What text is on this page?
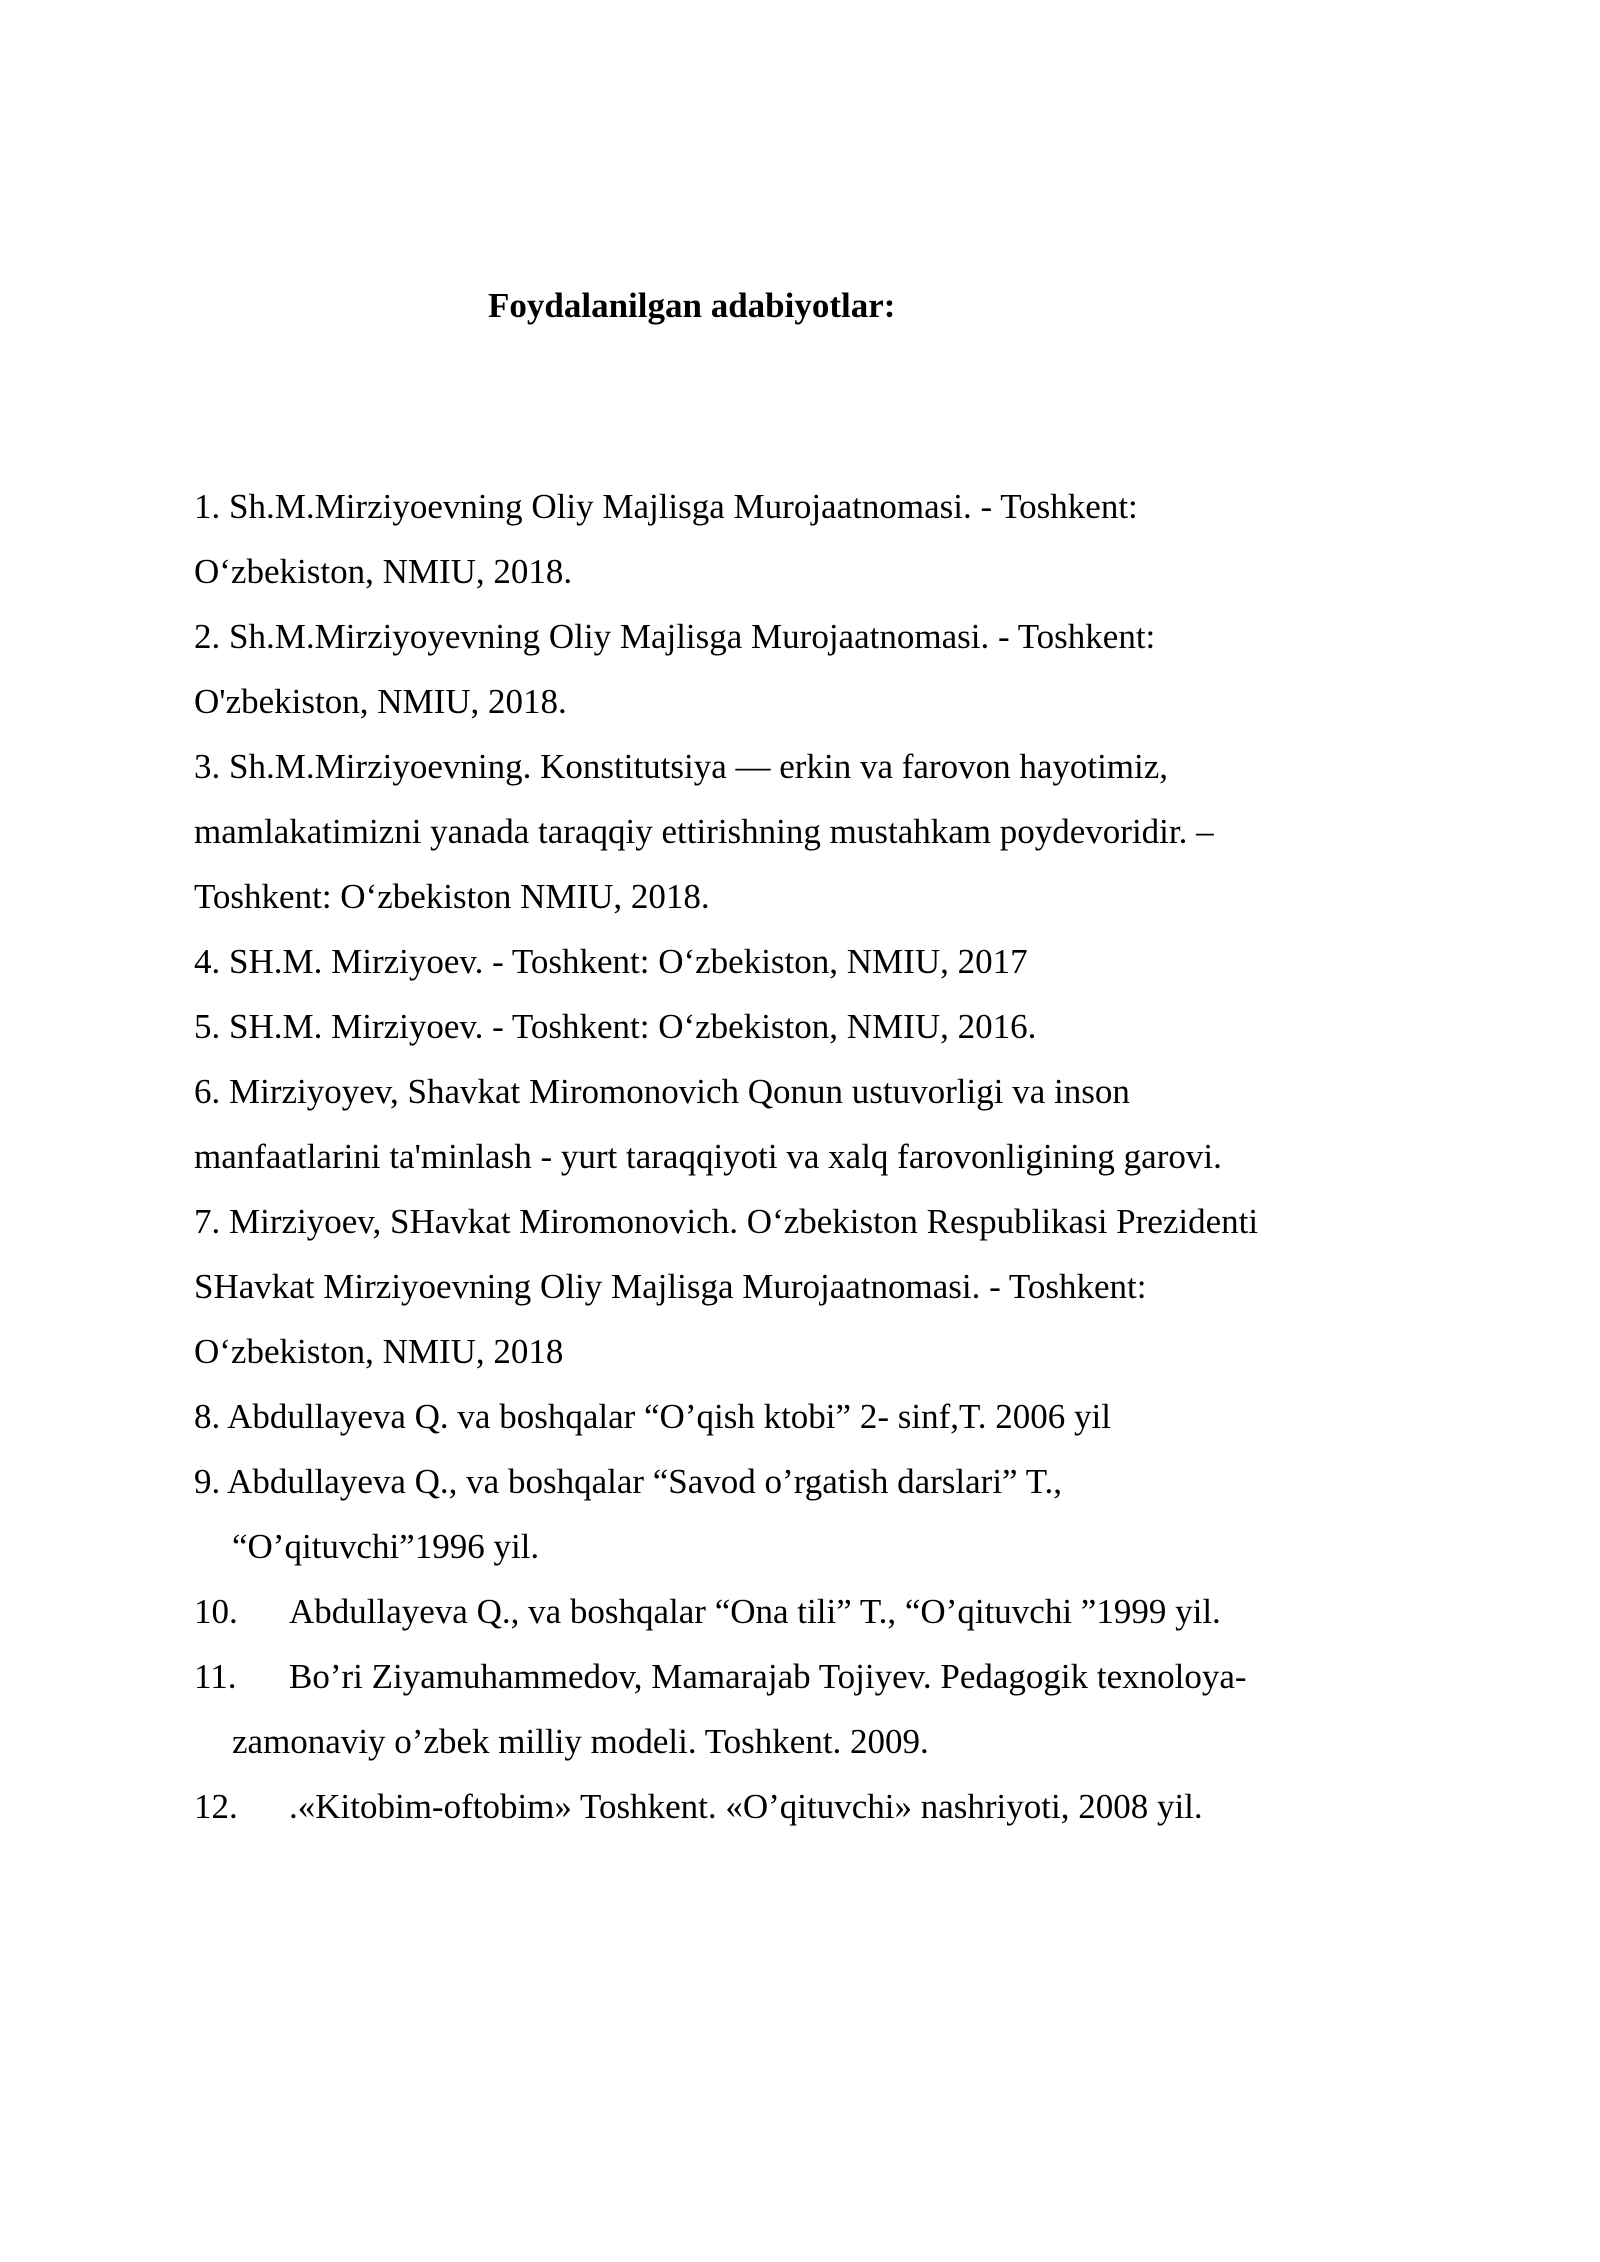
Foydalanilgan adabiyotlar:
1. Sh.M.Mirziyoevning Oliy Majlisga Murojaatnomasi. - Toshkent:
O‘zbekiston, NMIU, 2018.
2. Sh.M.Mirziyoyevning Oliy Majlisga Murojaatnomasi. - Toshkent:
O'zbekiston, NMIU, 2018.
3. Sh.M.Mirziyoevning. Konstitutsiya — erkin va farovon hayotimiz,
mamlakatimizni yanada taraqqiy ettirishning mustahkam poydevoridir. –
Toshkent: O‘zbekiston NMIU, 2018.
4. SH.M. Mirziyoev. - Toshkent: O‘zbekiston, NMIU, 2017
5. SH.M. Mirziyoev. - Toshkent: O‘zbekiston, NMIU, 2016.
6. Mirziyoyev, Shavkat Miromonovich Qonun ustuvorligi va inson
manfaatlarini ta'minlash - yurt taraqqiyoti va xalq farovonligining garovi.
7. Mirziyoev, SHavkat Miromonovich. O‘zbekiston Respublikasi Prezidenti
SHavkat Mirziyoevning Oliy Majlisga Murojaatnomasi. - Toshkent:
O‘zbekiston, NMIU, 2018
8. Abdullayeva Q. va boshqalar “O’qish ktobi” 2- sinf,T. 2006 yil
9. Abdullayeva Q., va boshqalar “Savod o’rgatish darslari” T.,
“O’qituvchi”1996 yil.
10. Abdullayeva Q., va boshqalar “Ona tili” T., “O’qituvchi ”1999 yil.
11. Bo’ri Ziyamuhammedov, Mamarajab Tojiyev. Pedagogik texnoloya-
zamonaviy o’zbek milliy modeli. Toshkent. 2009.
12. .«Kitobim-oftobim» Toshkent. «O’qituvchi» nashriyoti, 2008 yil.
